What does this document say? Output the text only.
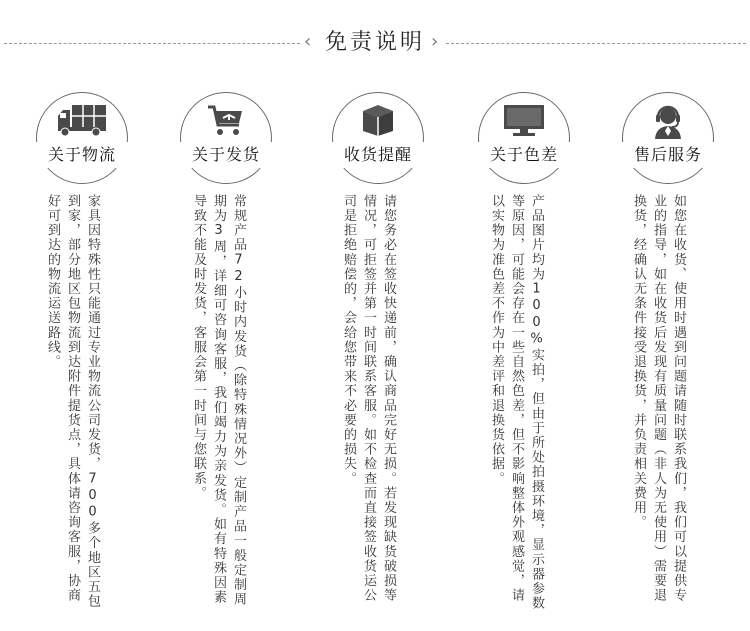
‹ 免责说明 ›
关于物流
家具因特殊性只能通过专业物流公司发货，700多个地区五包到家，部分地区包物流到达附件提货点，具体请咨询客服，协商好可到达的物流运送路线。
关于发货
常规产品72小时内发货（除特殊情况外）定制产品一般定制周期为3周，详细可咨询客服，我们竭力为亲发货。如有特殊因素导致不能及时发货，客服会第一时间与您联系。
收货提醒
请您务必在签收快递前，确认商品完好无损。若发现缺货破损等情况，可拒签并第一时间联系客服。如不检查而直接签收货运公司是拒绝赔偿的，会给您带来不必要的损失。
关于色差
产品图片均为100%实拍，但由于所处拍摄环境，显示器参数等原因，可能会存在一些自然色差，但不影响整体外观感觉，请以实物为准色差不作为中差评和退换货依据。
售后服务
如您在收货、使用时遇到问题请随时联系我们，我们可以提供专业的指导，如在收货后发现有质量问题（非人为无使用）需要退换货，经确认无条件接受退换货，并负责相关费用。
